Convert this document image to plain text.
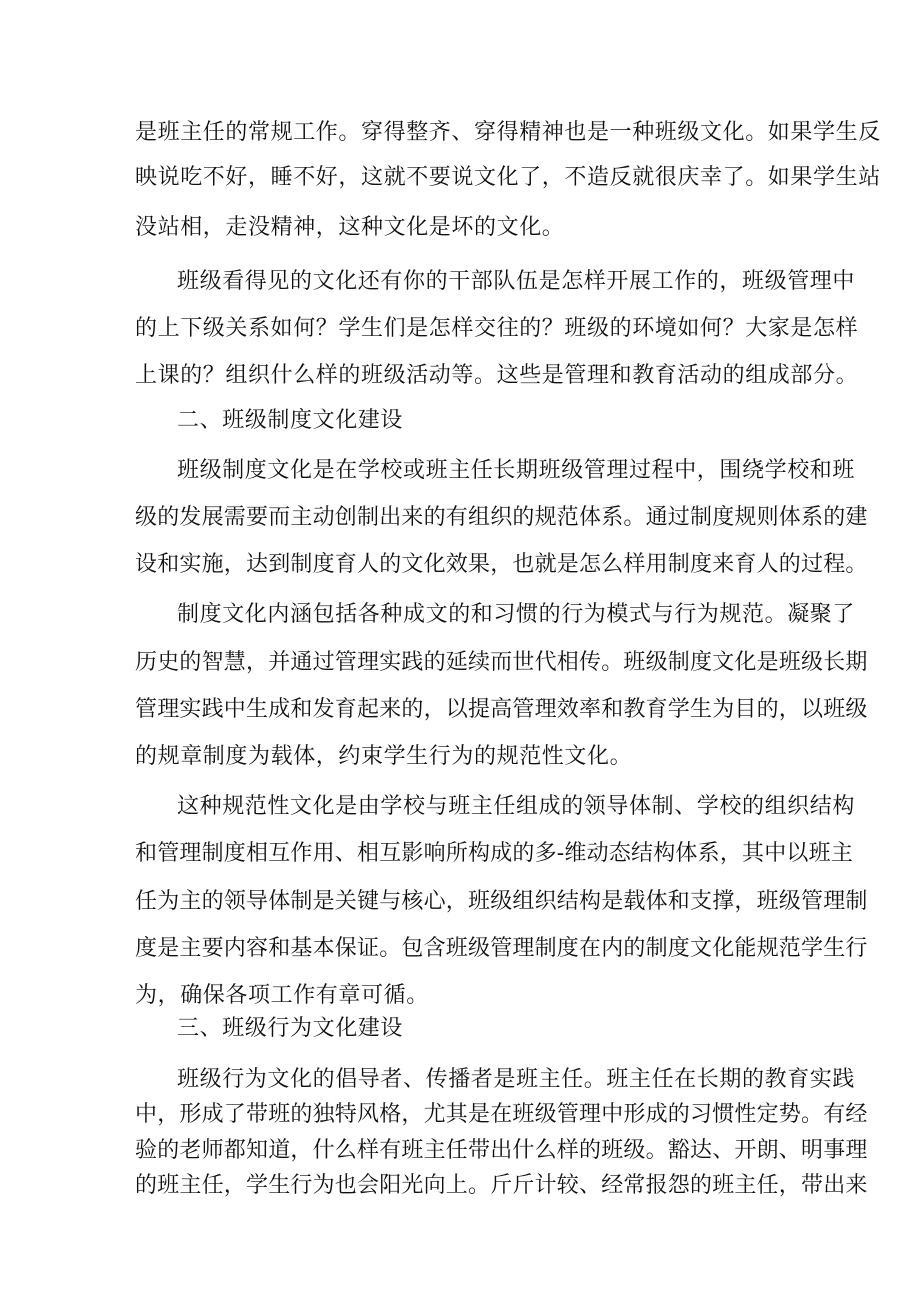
是班主任的常规工作。穿得整齐、穿得精神也是一种班级文化。如果学生反
映说吃不好，睡不好，这就不要说文化了，不造反就很庆幸了。如果学生站
没站相，走没精神，这种文化是坏的文化。
班级看得见的文化还有你的干部队伍是怎样开展工作的，班级管理中
的上下级关系如何？学生们是怎样交往的？班级的环境如何？大家是怎样
上课的？组织什么样的班级活动等。这些是管理和教育活动的组成部分。
二、班级制度文化建设
班级制度文化是在学校或班主任长期班级管理过程中，围绕学校和班
级的发展需要而主动创制出来的有组织的规范体系。通过制度规则体系的建
设和实施，达到制度育人的文化效果，也就是怎么样用制度来育人的过程。
制度文化内涵包括各种成文的和习惯的行为模式与行为规范。凝聚了
历史的智慧，并通过管理实践的延续而世代相传。班级制度文化是班级长期
管理实践中生成和发育起来的，以提高管理效率和教育学生为目的，以班级
的规章制度为载体，约束学生行为的规范性文化。
这种规范性文化是由学校与班主任组成的领导体制、学校的组织结构
和管理制度相互作用、相互影响所构成的多-维动态结构体系，其中以班主
任为主的领导体制是关键与核心，班级组织结构是载体和支撑，班级管理制
度是主要内容和基本保证。包含班级管理制度在内的制度文化能规范学生行
为，确保各项工作有章可循。
三、班级行为文化建设
班级行为文化的倡导者、传播者是班主任。班主任在长期的教育实践
中，形成了带班的独特风格，尤其是在班级管理中形成的习惯性定势。有经
验的老师都知道，什么样有班主任带出什么样的班级。豁达、开朗、明事理
的班主任，学生行为也会阳光向上。斤斤计较、经常报怨的班主任，带出来
